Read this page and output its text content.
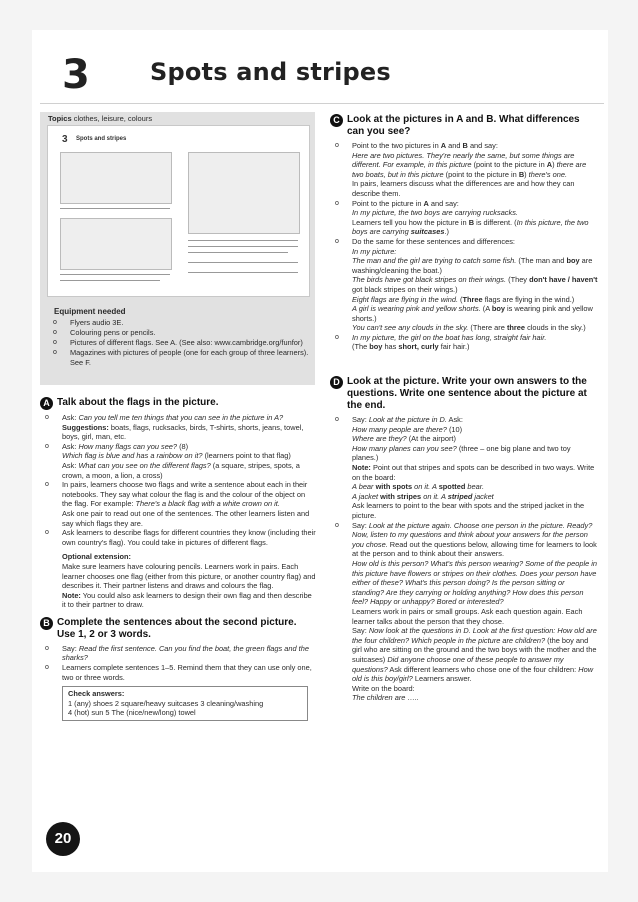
3	Spots and stripes
Topics clothes, leisure, colours
3 Spots and stripes
Equipment needed
o Flyers audio 3E.
o Colouring pens or pencils.
o Pictures of different flags. See A. (See also: www.cambridge.org/funfor)
o Magazines with pictures of people (one for each group of three learners). See F.
A Talk about the flags in the picture.
o Ask: Can you tell me ten things that you can see in the picture in A?
Suggestions: boats, flags, rucksacks, birds, T-shirts, shorts, jeans, towel, boys, girl, man, etc.
o Ask: How many flags can you see? (8)
Which flag is blue and has a rainbow on it? (learners point to that flag)
Ask: What can you see on the different flags? (a square, stripes, spots, a crown, a moon, a lion, a cross)
o In pairs, learners choose two flags and write a sentence about each in their notebooks. They say what colour the flag is and the colour of the object on the flag. For example: There's a black flag with a white crown on it.
Ask one pair to read out one of the sentences. The other learners listen and say which flags they are.
o Ask learners to describe flags for different countries they know (including their own country's flag). You could take in pictures of different flags.
Optional extension:
Make sure learners have colouring pencils. Learners work in pairs. Each learner chooses one flag (either from this picture, or another country flag) and describes it. Their partner listens and draws and colours the flag.
Note: You could also ask learners to design their own flag and then describe it to their partner to draw.
B Complete the sentences about the second picture. Use 1, 2 or 3 words.
o Say: Read the first sentence. Can you find the boat, the green flags and the sharks?
o Learners complete sentences 1–5. Remind them that they can use only one, two or three words.
Check answers:
1 (any) shoes 2 square/heavy suitcases 3 cleaning/washing
4 (hot) sun 5 The (nice/new/long) towel
C Look at the pictures in A and B. What differences can you see?
o Point to the two pictures in A and B and say:
Here are two pictures. They're nearly the same, but some things are different. For example, in this picture (point to the picture in A) there are two boats, but in this picture (point to the picture in B) there's one.
In pairs, learners discuss what the differences are and how they can describe them.
o Point to the picture in A and say:
In my picture, the two boys are carrying rucksacks.
Learners tell you how the picture in B is different. (In this picture, the two boys are carrying suitcases.)
o Do the same for these sentences and differences:
In my picture:
The man and the girl are trying to catch some fish. (The man and boy are washing/cleaning the boat.)
The birds have got black stripes on their wings. (They don't have / haven't got black stripes on their wings.)
Eight flags are flying in the wind. (Three flags are flying in the wind.)
A girl is wearing pink and yellow shorts. (A boy is wearing pink and yellow shorts.)
You can't see any clouds in the sky. (There are three clouds in the sky.)
o In my picture, the girl on the boat has long, straight fair hair.
(The boy has short, curly fair hair.)
D Look at the picture. Write your own answers to the questions. Write one sentence about the picture at the end.
o Say: Look at the picture in D. Ask:
How many people are there? (10)
Where are they? (At the airport)
How many planes can you see? (three – one big plane and two toy planes.)
Note: Point out that stripes and spots can be described in two ways. Write on the board:
A bear with spots on it. A spotted bear.
A jacket with stripes on it. A striped jacket
Ask learners to point to the bear with spots and the striped jacket in the picture.
o Say: Look at the picture again. Choose one person in the picture. Ready? Now, listen to my questions and think about your answers for the person you chose. Read out the questions below, allowing time for learners to look at the person and to think about their answers.
How old is this person? What's this person wearing? Some of the people in this picture have flowers or stripes on their clothes. Does your person have either of these? What's this person doing? Is the person sitting or standing? Are they carrying or holding anything? How does this person feel? Happy or unhappy? Bored or interested?
Learners work in pairs or small groups. Ask each question again. Each learner talks about the person that they chose.
Say: Now look at the questions in D. Look at the first question: How old are the four children? Which people in the picture are children? (the boy and girl who are sitting on the ground and the two boys with the mother and the suitcases) Did anyone choose one of these people to answer my questions? Ask different learners who chose one of the four children: How old is this boy/girl? Learners answer.
Write on the board:
The children are …..
20
